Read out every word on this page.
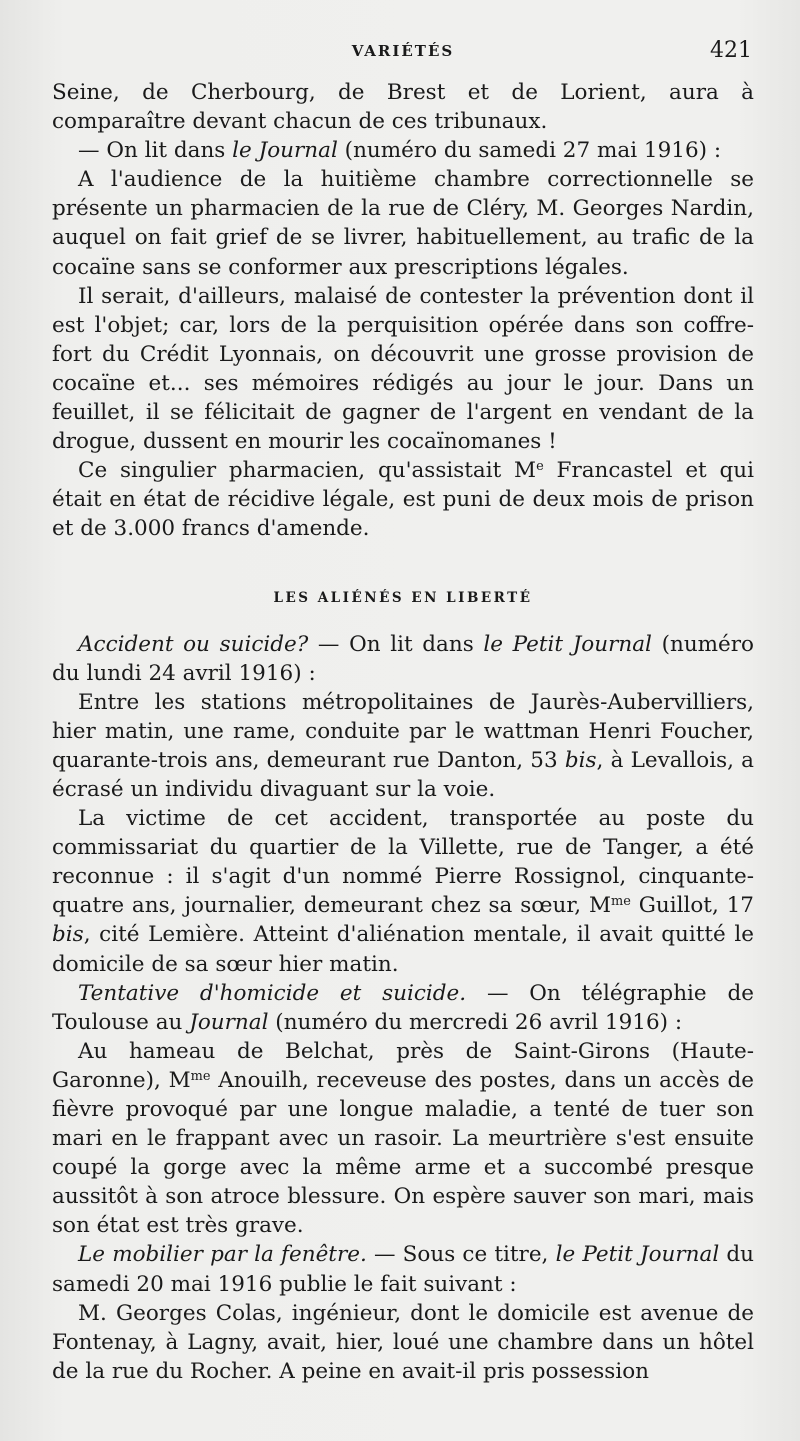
VARIÉTÉS	421

Seine, de Cherbourg, de Brest et de Lorient, aura à comparaître devant chacun de ces tribunaux.

— On lit dans le Journal (numéro du samedi 27 mai 1916) :

A l'audience de la huitième chambre correctionnelle se présente un pharmacien de la rue de Cléry, M. Georges Nardin, auquel on fait grief de se livrer, habituellement, au trafic de la cocaïne sans se conformer aux prescriptions légales.

Il serait, d'ailleurs, malaisé de contester la prévention dont il est l'objet; car, lors de la perquisition opérée dans son coffre-fort du Crédit Lyonnais, on découvrit une grosse provision de cocaïne et... ses mémoires rédigés au jour le jour. Dans un feuillet, il se félicitait de gagner de l'argent en vendant de la drogue, dussent en mourir les cocaïnomanes !

Ce singulier pharmacien, qu'assistait Me Francastel et qui était en état de récidive légale, est puni de deux mois de prison et de 3.000 francs d'amende.

LES ALIÉNÉS EN LIBERTÉ

Accident ou suicide? — On lit dans le Petit Journal (numéro du lundi 24 avril 1916) :

Entre les stations métropolitaines de Jaurès-Aubervilliers, hier matin, une rame, conduite par le wattman Henri Foucher, quarante-trois ans, demeurant rue Danton, 53 bis, à Levallois, a écrasé un individu divaguant sur la voie.

La victime de cet accident, transportée au poste du commissariat du quartier de la Villette, rue de Tanger, a été reconnue : il s'agit d'un nommé Pierre Rossignol, cinquante-quatre ans, journalier, demeurant chez sa sœur, $M^{me}$ Guillot, 17 bis, cité Lemière. Atteint d'aliénation mentale, il avait quitté le domicile de sa sœur hier matin.

Tentative d'homicide et suicide. — On télégraphie de Toulouse au Journal (numéro du mercredi 26 avril 1916) :

Au hameau de Belchat, près de Saint-Girons (Haute-Garonne), $M^{me}$ Anouilh, receveuse des postes, dans un accès de fièvre provoqué par une longue maladie, a tenté de tuer son mari en le frappant avec un rasoir. La meurtrière s'est ensuite coupé la gorge avec la même arme et a succombé presque aussitôt à son atroce blessure. On espère sauver son mari, mais son état est très grave.

Le mobilier par la fenêtre. — Sous ce titre, le Petit Journal du samedi 20 mai 1916 publie le fait suivant :

M. Georges Colas, ingénieur, dont le domicile est avenue de Fontenay, à Lagny, avait, hier, loué une chambre dans un hôtel de la rue du Rocher. A peine en avait-il pris possession
